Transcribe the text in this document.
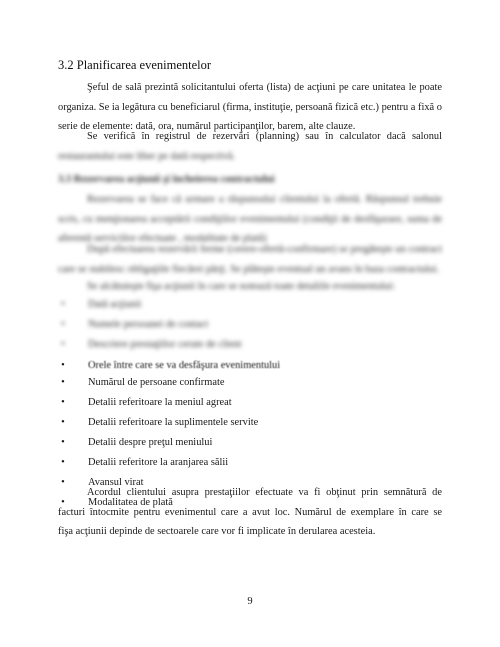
3.2 Planificarea evenimentelor
Şeful de sală prezintă solicitantului oferta (lista) de acţiuni pe care unitatea le poate
organiza. Se ia legătura cu beneficiarul (firma, instituţie, persoană fizică etc.) pentru a fixă o
serie de elemente: dată, ora, numărul participanţilor, barem, alte clauze.
Se verifică în registrul de rezervări (planning) sau în calculator dacă salonul
restaurantului este liber pe dată respectivă.
3.3 Rezervarea acţiunii şi încheierea contractului
Rezervarea se face că urmare a răspunsului clientului la ofertă. Răspunsul trebuie
scris, cu menţionarea acceptării condiţiilor evenimentului (condiţii de desfăşurare, suma de
aferentă serviciilor efectuate , modalitate de plată)
După efectuarea rezervării ferme (cerere-ofertă-confirmare) se pregăteşte un contract
care se stabilesc obligaţiile fiecărei părţi. Se plăteşte eventual un avans în baza contractului.
Se alcătuieşte fişa acţiunii în care se notează toate detaliile evenimentului:
•	Dată acţiunii
•	Numele persoanei de contact
•	Descriere prestaţiilor cerute de client
•	Orele între care se va desfăşura evenimentului
•	Numărul de persoane confirmate
•	Detalii referitoare la meniul agreat
•	Detalii referitoare la suplimentele servite
•	Detalii despre preţul meniului
•	Detalii referitore la aranjarea sălii
•	Avansul virat
•	Modalitatea de plată
Acordul clientului asupra prestaţiilor efectuate va fi obţinut prin semnătură de
facturi întocmite pentru evenimentul care a avut loc. Numărul de exemplare în care se
fişa acţiunii depinde de sectoarele care vor fi implicate în derularea acesteia.
9
